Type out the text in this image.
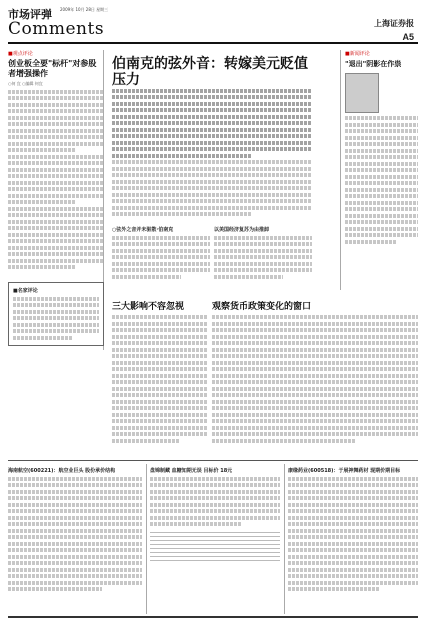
市场评弹 2009年 10月 28日 星期三
Comments	上海证券报
A5
■观点评论
创业板全要"标杆"对参股者增强操作
○何 宜 ○编辑 何宜
■名家评论
伯南克的弦外音：转嫁美元贬值压力
○弦外之音并未驱散·伯南克	以美国经济复苏为由推卸
■新闻评论
"退出"阴影在作祟
三大影响不容忽视	观察货币政策变化的窗口
海南航空(600221)：航空业巨头 股份承价结构	盘锦制藏 血糖知期无误 目标价 18元

				康缘药业(600518)：于展神舞药材 现期价期目标
